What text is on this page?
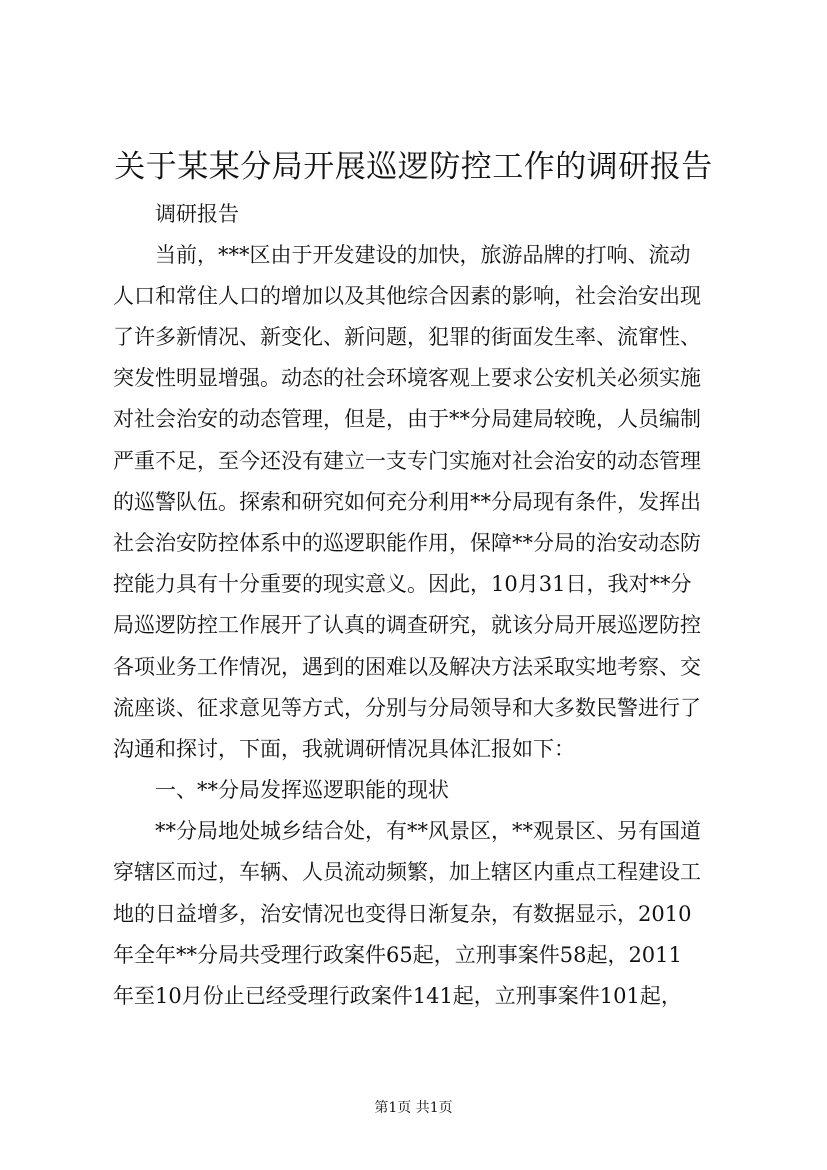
关于某某分局开展巡逻防控工作的调研报告
调研报告
当前，***区由于开发建设的加快，旅游品牌的打响、流动
人口和常住人口的增加以及其他综合因素的影响，社会治安出现
了许多新情况、新变化、新问题，犯罪的街面发生率、流窜性、
突发性明显增强。动态的社会环境客观上要求公安机关必须实施
对社会治安的动态管理，但是，由于**分局建局较晚，人员编制
严重不足，至今还没有建立一支专门实施对社会治安的动态管理
的巡警队伍。探索和研究如何充分利用**分局现有条件，发挥出
社会治安防控体系中的巡逻职能作用，保障**分局的治安动态防
控能力具有十分重要的现实意义。因此，10月31日，我对**分
局巡逻防控工作展开了认真的调查研究，就该分局开展巡逻防控
各项业务工作情况，遇到的困难以及解决方法采取实地考察、交
流座谈、征求意见等方式，分别与分局领导和大多数民警进行了
沟通和探讨，下面，我就调研情况具体汇报如下：
一、**分局发挥巡逻职能的现状
**分局地处城乡结合处，有**风景区，**观景区、另有国道
穿辖区而过，车辆、人员流动频繁，加上辖区内重点工程建设工
地的日益增多，治安情况也变得日渐复杂，有数据显示，2010
年全年**分局共受理行政案件65起，立刑事案件58起，2011
年至10月份止已经受理行政案件141起，立刑事案件101起，
第1页 共1页
